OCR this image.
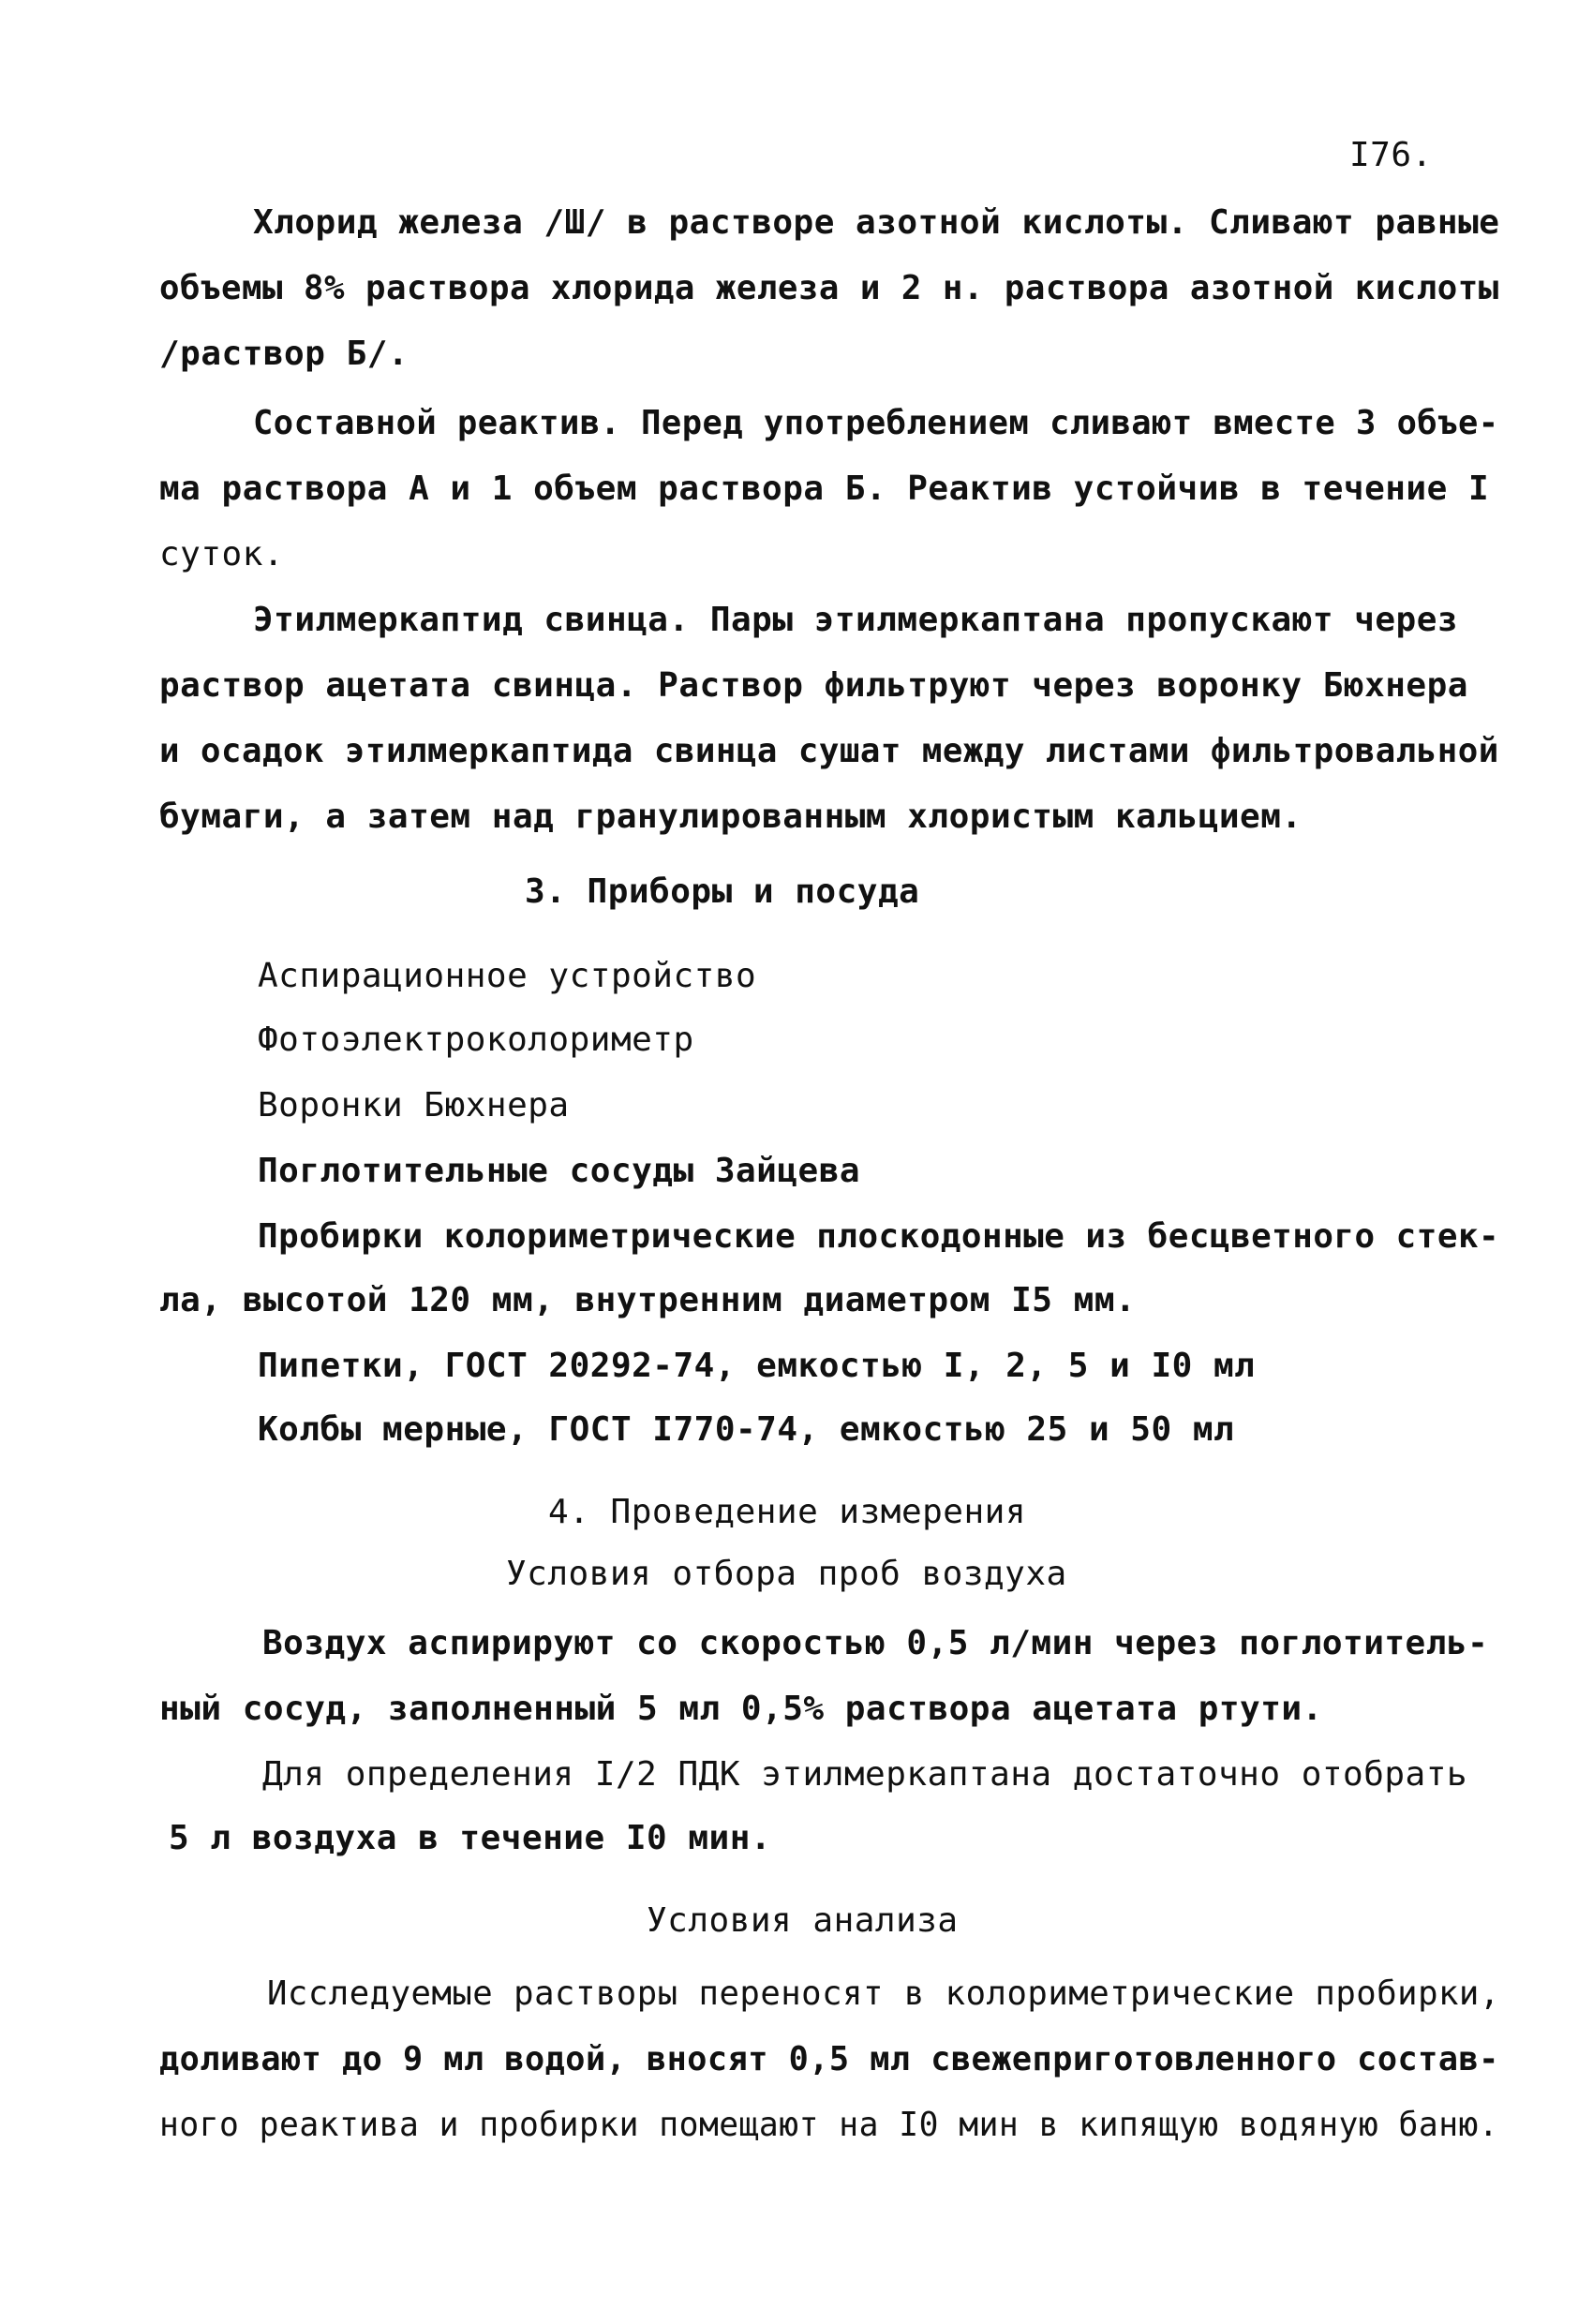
I76.
Хлорид железа /Ш/ в растворе азотной кислоты. Сливают равные
объемы 8% раствора хлорида железа и 2 н. раствора азотной кислоты
/раствор Б/.
Составной реактив. Перед употреблением сливают вместе 3 объе-
ма раствора А и 1 объем раствора Б. Реактив устойчив в течение I
суток.
Этилмеркаптид свинца. Пары этилмеркаптана пропускают через
раствор ацетата свинца. Раствор фильтруют через воронку Бюхнера
и осадок этилмеркаптида свинца сушат между листами фильтровальной
бумаги, а затем над гранулированным хлористым кальцием.
3. Приборы и посуда
Аспирационное устройство
Фотоэлектроколориметр
Воронки Бюхнера
Поглотительные сосуды Зайцева
Пробирки колориметрические плоскодонные из бесцветного стек-
ла, высотой 120 мм, внутренним диаметром I5 мм.
Пипетки, ГОСТ 20292-74, емкостью I, 2, 5 и I0 мл
Колбы мерные, ГОСТ I770-74, емкостью 25 и 50 мл
4. Проведение измерения
Условия отбора проб воздуха
Воздух аспирируют со скоростью 0,5 л/мин через поглотитель-
ный сосуд, заполненный 5 мл 0,5% раствора ацетата ртути.
Для определения I/2 ПДК этилмеркаптана достаточно отобрать
5 л воздуха в течение I0 мин.
Условия анализа
Исследуемые растворы переносят в колориметрические пробирки,
доливают до 9 мл водой, вносят 0,5 мл свежеприготовленного состав-
ного реактива и пробирки помещают на I0 мин в кипящую водяную баню.
